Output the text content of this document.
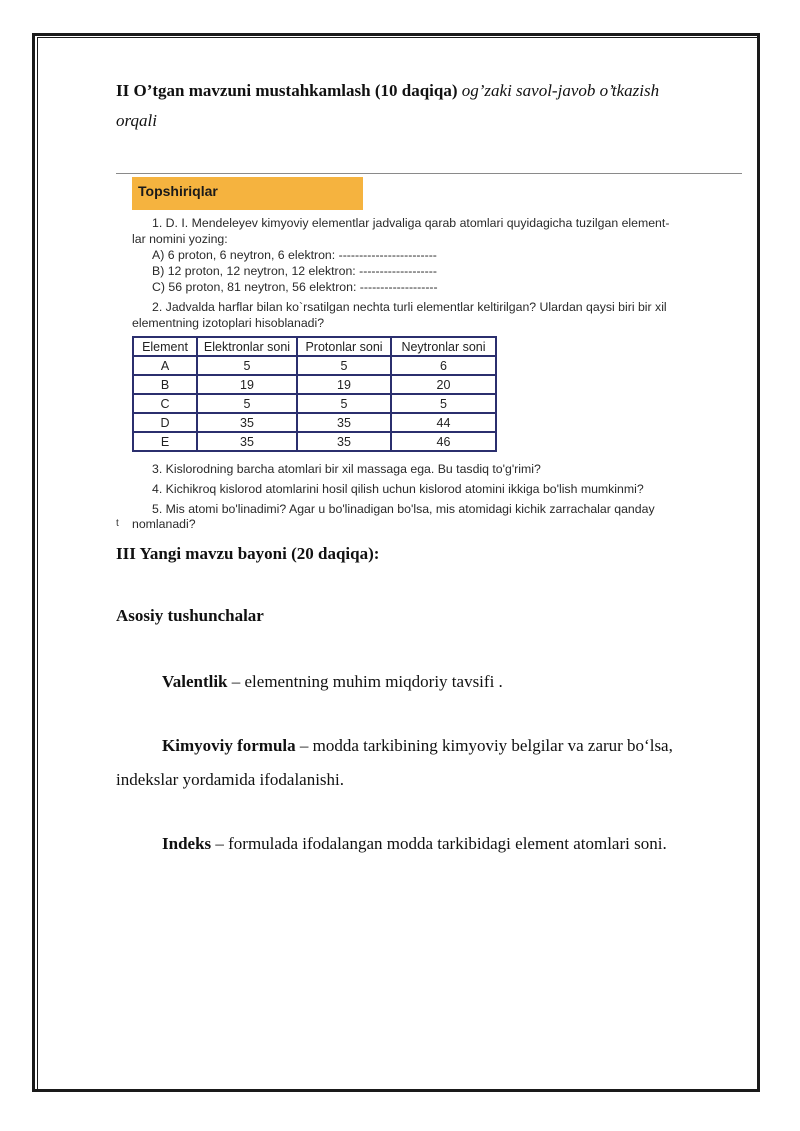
II O’tgan mavzuni mustahkamlash (10 daqiqa) og’zaki savol-javob o’tkazish
orqali
Topshiriqlar
1. D. I. Mendeleyev kimyoviy elementlar jadvaliga qarab atomlari quyidagicha tuzilgan element-
lar nomini yozing:
A) 6 proton, 6 neytron, 6 elektron: ------------------------
B) 12 proton, 12 neytron, 12 elektron: -------------------
C) 56 proton, 81 neytron, 56 elektron: -------------------
2. Jadvalda harflar bilan ko`rsatilgan nechta turli elementlar keltirilgan? Ulardan qaysi biri bir xil
elementning izotoplari hisoblanadi?
Element	Elektronlar soni	Protonlar soni	Neytronlar soni
A	5	5	6
B	19	19	20
C	5	5	5
D	35	35	44
E	35	35	46
3. Kislorodning barcha atomlari bir xil massaga ega. Bu tasdiq to'g'rimi?
4. Kichikroq kislorod atomlarini hosil qilish uchun kislorod atomini ikkiga bo'lish mumkinmi?
5. Mis atomi bo'linadimi? Agar u bo'linadigan bo'lsa, mis atomidagi kichik zarrachalar qanday
nomlanadi?
t
III Yangi mavzu bayoni (20 daqiqa):
Asosiy tushunchalar
Valentlik – elementning muhim miqdoriy tavsifi .
Kimyoviy formula – modda tarkibining kimyoviy belgilar va zarur bo‘lsa,
indekslar yordamida ifodalanishi.
Indeks – formulada ifodalangan modda tarkibidagi element atomlari soni.
